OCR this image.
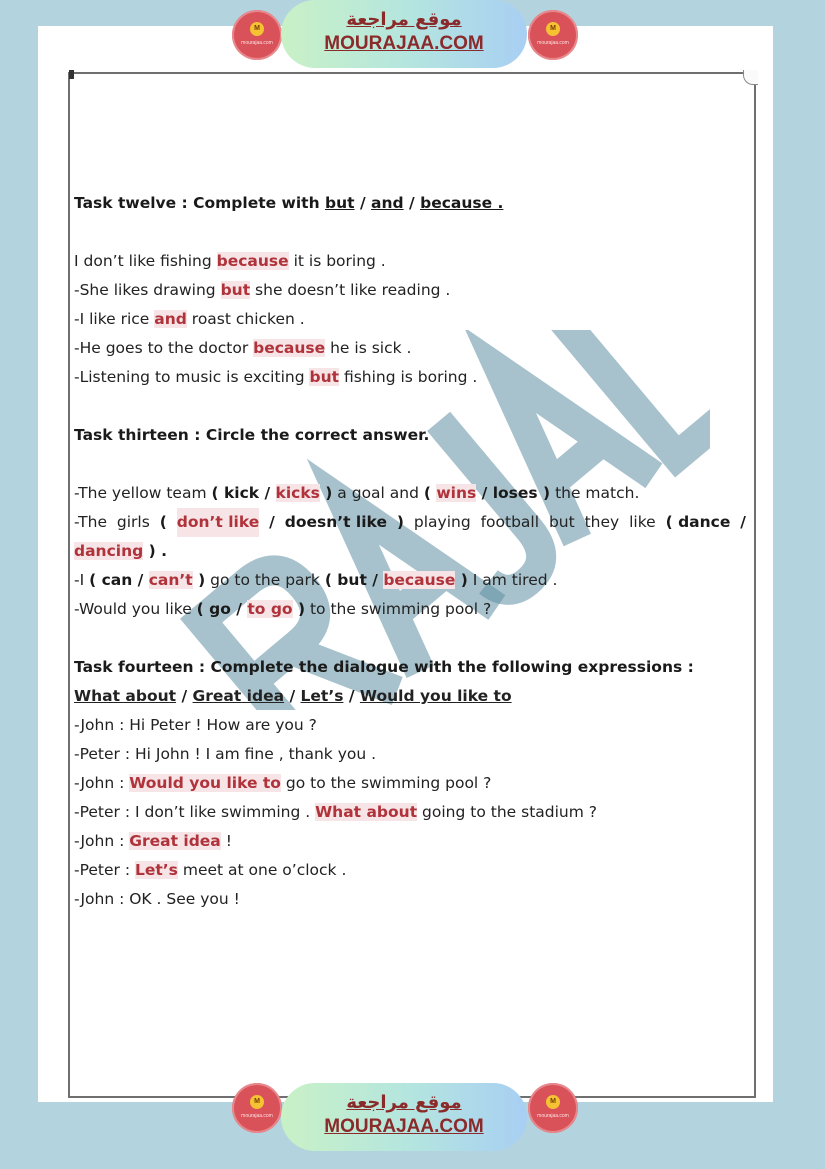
M
mourajaa.com
موقع مراجعة
MOURAJAA.COM
M
mourajaa.com
M
mourajaa.com
موقع مراجعة
MOURAJAA.COM
M
mourajaa.com
Task twelve : Complete with but / and / because .
I don’t like fishing because it is boring .
-She likes drawing but she doesn’t like reading .
-I like rice and roast chicken .
-He goes to the doctor because he is sick .
-Listening to music is exciting but fishing is boring .
Task thirteen : Circle the correct answer.
-The yellow team ( kick / kicks ) a goal and ( wins / loses ) the match.
-The girls ( don’t like / doesn’t like ) playing football but they like ( dance /
dancing ) .
-I ( can / can’t ) go to the park ( but / because ) I am tired .
-Would you like ( go / to go ) to the swimming pool ?
Task fourteen : Complete the dialogue with the following expressions :
What about / Great idea / Let’s / Would you like to
-John : Hi Peter ! How are you ?
-Peter : Hi John ! I am fine , thank you .
-John : Would you like to go to the swimming pool ?
-Peter : I don’t like swimming . What about going to the stadium ?
-John : Great idea !
-Peter : Let’s meet at one o’clock .
-John : OK . See you !
